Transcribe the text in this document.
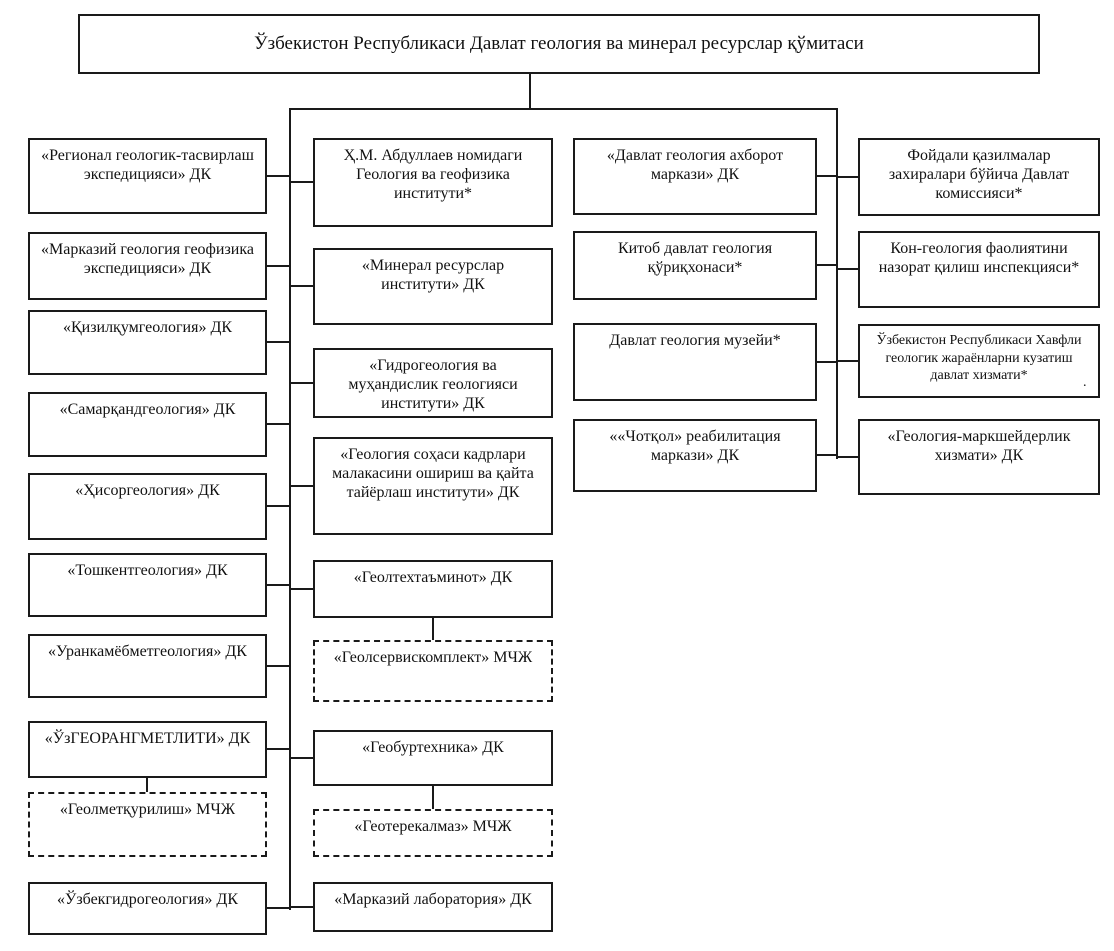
Ўзбекистон Республикаси Давлат геология ва минерал ресурслар қўмитаси
«Регионал геологик-тасвирлаш экспедицияси» ДК
«Марказий геология геофизика экспедицияси» ДК
«Қизилқумгеология» ДК
«Самарқандгеология» ДК
«Ҳисоргеология» ДК
«Тошкентгеология» ДК
«Уранкамёбметгеология» ДК
«ЎзГЕОРАНГМЕТЛИТИ» ДК
«Геолметқурилиш» МЧЖ
«Ўзбекгидрогеология» ДК
Ҳ.М. Абдуллаев номидаги Геология ва геофизика институти*
«Минерал ресурслар институти» ДК
«Гидрогеология ва муҳандислик геологияси институти» ДК
«Геология соҳаси кадрлари малакасини ошириш ва қайта тайёрлаш институти» ДК
«Геолтехтаъминот» ДК
«Геолсервискомплект» МЧЖ
«Геобуртехника» ДК
«Геотерекалмаз» МЧЖ
«Марказий лаборатория» ДК
«Давлат геология ахборот маркази» ДК
Китоб давлат геология қўриқхонаси*
Давлат геология музейи*
««Чотқол» реабилитация маркази» ДК
Фойдали қазилмалар захиралари бўйича Давлат комиссияси*
Кон-геология фаолиятини назорат қилиш инспекцияси*
Ўзбекистон Республикаси Хавфли геологик жараёнларни кузатиш давлат хизмати*
«Геология-маркшейдерлик хизмати» ДК
.
